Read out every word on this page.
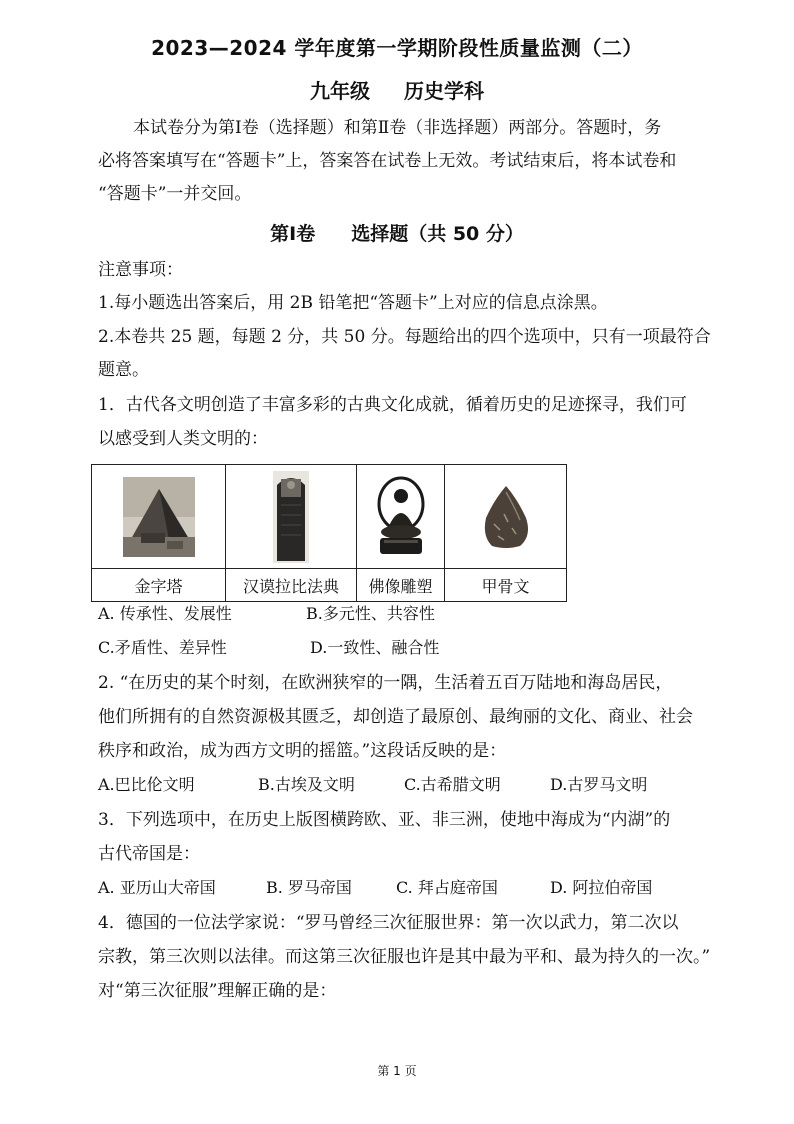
2023—2024 学年度第一学期阶段性质量监测（二）
九年级 历史学科
本试卷分为第Ⅰ卷（选择题）和第Ⅱ卷（非选择题）两部分。答题时，务
必将答案填写在“答题卡”上，答案答在试卷上无效。考试结束后，将本试卷和
“答题卡”一并交回。
第Ⅰ卷 选择题（共 50 分）
注意事项：
1.每小题选出答案后，用 2B 铅笔把“答题卡”上对应的信息点涂黑。
2.本卷共 25 题，每题 2 分，共 50 分。每题给出的四个选项中，只有一项最符合
题意。
1．古代各文明创造了丰富多彩的古典文化成就，循着历史的足迹探寻，我们可
以感受到人类文明的：
金字塔	汉谟拉比法典	佛像雕塑	甲骨文
A. 传承性、发展性	B.多元性、共容性
C.矛盾性、差异性	D.一致性、融合性
2. “在历史的某个时刻，在欧洲狭窄的一隅，生活着五百万陆地和海岛居民，
他们所拥有的自然资源极其匮乏，却创造了最原创、最绚丽的文化、商业、社会
秩序和政治，成为西方文明的摇篮。”这段话反映的是：
A.巴比伦文明	B.古埃及文明	C.古希腊文明	D.古罗马文明
3．下列选项中，在历史上版图横跨欧、亚、非三洲，使地中海成为“内湖”的
古代帝国是：
A. 亚历山大帝国	B. 罗马帝国	C. 拜占庭帝国	D. 阿拉伯帝国
4．德国的一位法学家说：“罗马曾经三次征服世界：第一次以武力，第二次以
宗教，第三次则以法律。而这第三次征服也许是其中最为平和、最为持久的一次。”
对“第三次征服”理解正确的是：
第 1 页
